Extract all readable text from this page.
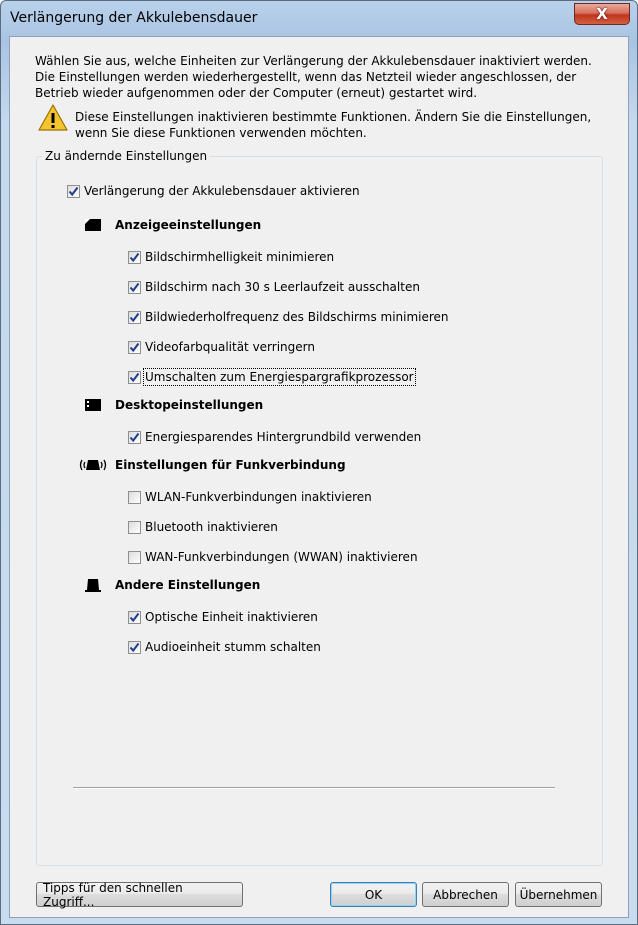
Verlängerung der Akkulebensdauer	X
Wählen Sie aus, welche Einheiten zur Verlängerung der Akkulebensdauer inaktiviert werden. Die Einstellungen werden wiederhergestellt, wenn das Netzteil wieder angeschlossen, der Betrieb wieder aufgenommen oder der Computer (erneut) gestartet wird.
Diese Einstellungen inaktivieren bestimmte Funktionen. Ändern Sie die Einstellungen, wenn Sie diese Funktionen verwenden möchten.
Zu ändernde Einstellungen
Verlängerung der Akkulebensdauer aktivieren
Anzeigeeinstellungen
Bildschirmhelligkeit minimieren
Bildschirm nach 30 s Leerlaufzeit ausschalten
Bildwiederholfrequenz des Bildschirms minimieren
Videofarbqualität verringern
Umschalten zum Energiespargrafikprozessor
Desktopeinstellungen
Energiesparendes Hintergrundbild verwenden
Einstellungen für Funkverbindung
WLAN-Funkverbindungen inaktivieren
Bluetooth inaktivieren
WAN-Funkverbindungen (WWAN) inaktivieren
Andere Einstellungen
Optische Einheit inaktivieren
Audioeinheit stumm schalten
Tipps für den schnellen Zugriff...	OK	Abbrechen	Übernehmen
